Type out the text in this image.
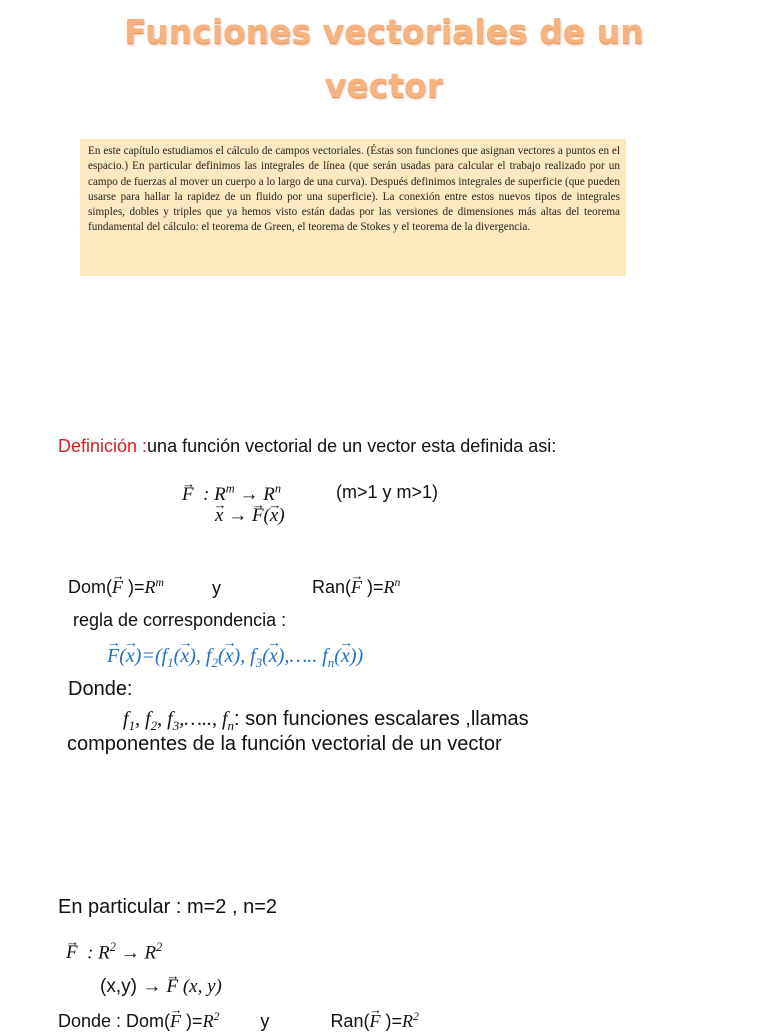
Funciones vectoriales de un
vector
En este capítulo estudiamos el cálculo de campos vectoriales. (Éstas son funciones que asignan vectores a puntos en el espacio.) En particular definimos las integrales de línea (que serán usadas para calcular el trabajo realizado por un campo de fuerzas al mover un cuerpo a lo largo de una curva). Después definimos integrales de superficie (que pueden usarse para hallar la rapidez de un fluido por una superficie). La conexión entre estos nuevos tipos de integrales simples, dobles y triples que ya hemos visto están dadas por las versiones de dimensiones más altas del teorema fundamental del cálculo: el teorema de Green, el teorema de Stokes y el teorema de la divergencia.
Definición :una función vectorial de un vector esta definida asi:
→ F  : $R^m \to R^n$	(m>1 y m>1)
→ x → → F(→ x)
Dom(→ F )$=R^m$	y	Ran(→ F )$=R^n$
regla de correspondencia :
→ $F(\to x)=(f_1(\to x)$, $f_2(\to x)$, $f_3(\to$ x),….. $f_n(\to x)$)
Donde:
$f_1$, $f_2$, $f_3,\dots$.., $f_n$: son funciones escalares ,llamas
componentes de la función vectorial de un vector
En particular : m=2 , n=2
→ F  : $R^2 \to R^2$
(x,y) → → F (x, y)
Donde : Dom(→ F )$=R^2$ y	Ran(→ F )$=R^2$
